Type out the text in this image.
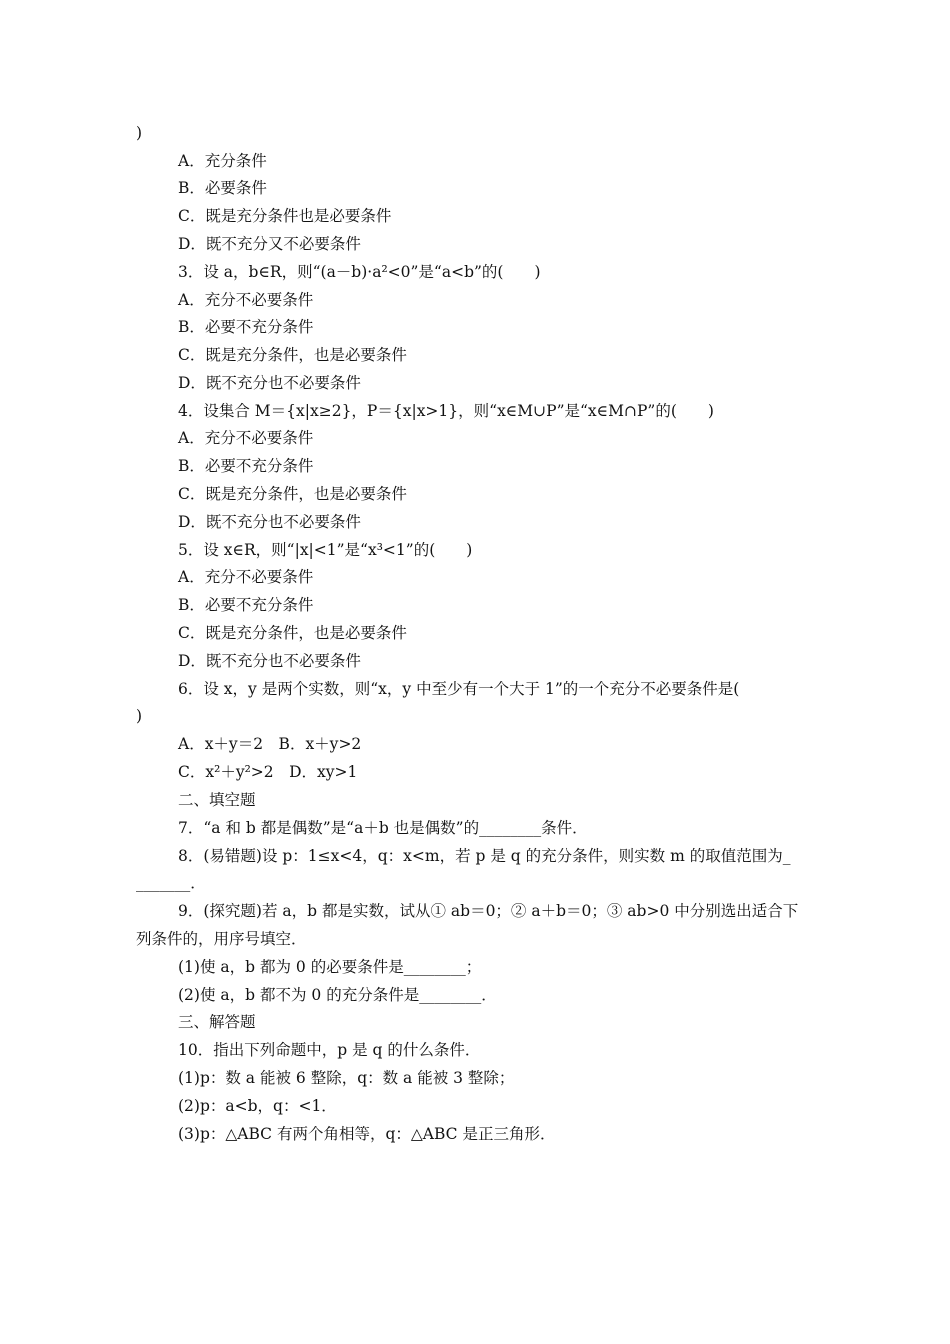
)
A．充分条件
B．必要条件
C．既是充分条件也是必要条件
D．既不充分又不必要条件
3．设 a，b∈R，则“(a－b)·a²<0”是“a<b”的(　　)
A．充分不必要条件
B．必要不充分条件
C．既是充分条件，也是必要条件
D．既不充分也不必要条件
4．设集合 M＝{x|x≥2}，P＝{x|x>1}，则“x∈M∪P”是“x∈M∩P”的(　　)
A．充分不必要条件
B．必要不充分条件
C．既是充分条件，也是必要条件
D．既不充分也不必要条件
5．设 x∈R，则“|x|<1”是“x³<1”的(　　)
A．充分不必要条件
B．必要不充分条件
C．既是充分条件，也是必要条件
D．既不充分也不必要条件
6．设 x，y 是两个实数，则“x，y 中至少有一个大于 1”的一个充分不必要条件是(
)
A．x＋y＝2　B．x＋y>2
C．x²＋y²>2　D．xy>1
二、填空题
7．“a 和 b 都是偶数”是“a＋b 也是偶数”的________条件．
8．(易错题)设 p：1≤x<4，q：x<m，若 p 是 q 的充分条件，则实数 m 的取值范围为_
_______．
9．(探究题)若 a，b 都是实数，试从① ab＝0；② a＋b＝0；③ ab>0 中分别选出适合下
列条件的，用序号填空．
(1)使 a，b 都为 0 的必要条件是________；
(2)使 a，b 都不为 0 的充分条件是________．
三、解答题
10．指出下列命题中，p 是 q 的什么条件．
(1)p：数 a 能被 6 整除，q：数 a 能被 3 整除；
(2)p：a<b，q：<1．
(3)p：△ABC 有两个角相等，q：△ABC 是正三角形．
